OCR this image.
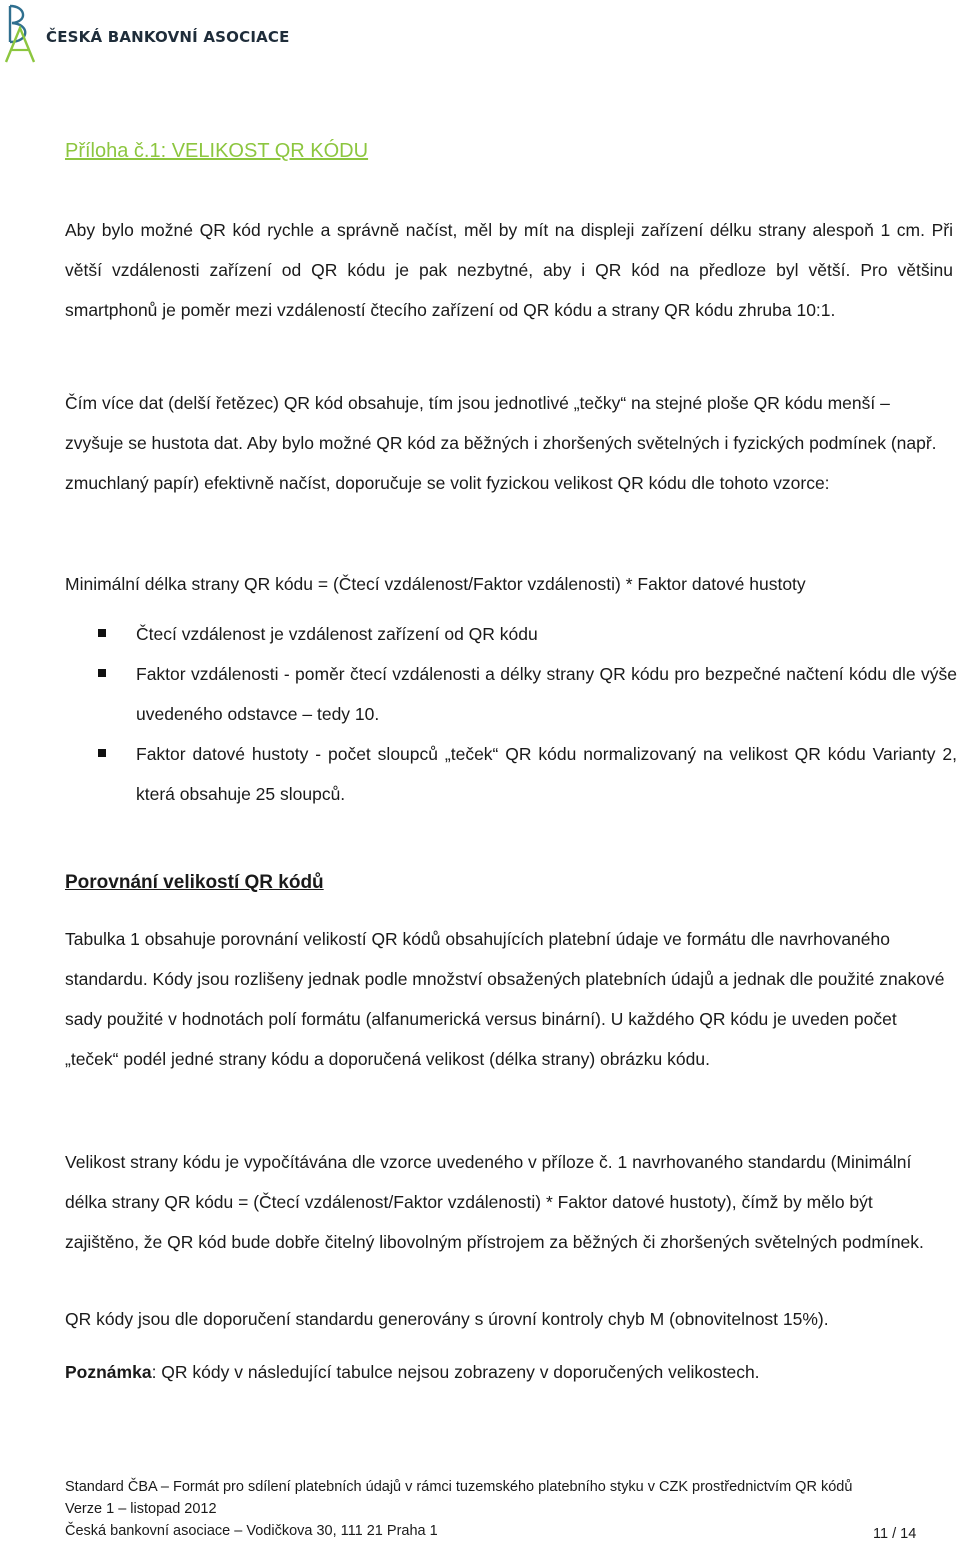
ČESKÁ BANKOVNÍ ASOCIACE
Příloha č.1: VELIKOST QR KÓDU

Aby bylo možné QR kód rychle a správně načíst, měl by mít na displeji zařízení délku strany alespoň 1 cm. Při větší vzdálenosti zařízení od QR kódu je pak nezbytné, aby i QR kód na předloze byl větší. Pro většinu smartphonů je poměr mezi vzdáleností čtecího zařízení od QR kódu a strany QR kódu zhruba 10:1.

Čím více dat (delší řetězec) QR kód obsahuje, tím jsou jednotlivé „tečky“ na stejné ploše QR kódu menší – zvyšuje se hustota dat. Aby bylo možné QR kód za běžných i zhoršených světelných i fyzických podmínek (např. zmuchlaný papír) efektivně načíst, doporučuje se volit fyzickou velikost QR kódu dle tohoto vzorce:

Minimální délka strany QR kódu = (Čtecí vzdálenost/Faktor vzdálenosti) * Faktor datové hustoty

Čtecí vzdálenost je vzdálenost zařízení od QR kódu
Faktor vzdálenosti - poměr čtecí vzdálenosti a délky strany QR kódu pro bezpečné načtení kódu dle výše uvedeného odstavce – tedy 10.
Faktor datové hustoty - počet sloupců „teček“ QR kódu normalizovaný na velikost QR kódu Varianty 2, která obsahuje 25 sloupců.
Porovnání velikostí QR kódů

Tabulka 1 obsahuje porovnání velikostí QR kódů obsahujících platební údaje ve formátu dle navrhovaného standardu. Kódy jsou rozlišeny jednak podle množství obsažených platebních údajů a jednak dle použité znakové sady použité v hodnotách polí formátu (alfanumerická versus binární). U každého QR kódu je uveden počet „teček“ podél jedné strany kódu a doporučená velikost (délka strany) obrázku kódu.

Velikost strany kódu je vypočítávána dle vzorce uvedeného v příloze č. 1 navrhovaného standardu (Minimální délka strany QR kódu = (Čtecí vzdálenost/Faktor vzdálenosti) * Faktor datové hustoty), čímž by mělo být zajištěno, že QR kód bude dobře čitelný libovolným přístrojem za běžných či zhoršených světelných podmínek.

QR kódy jsou dle doporučení standardu generovány s úrovní kontroly chyb M (obnovitelnost 15%).

Poznámka: QR kódy v následující tabulce nejsou zobrazeny v doporučených velikostech.
Standard ČBA – Formát pro sdílení platebních údajů v rámci tuzemského platebního styku v CZK prostřednictvím QR kódů
Verze 1 – listopad 2012
Česká bankovní asociace – Vodičkova 30, 111 21 Praha 1	11 / 14
